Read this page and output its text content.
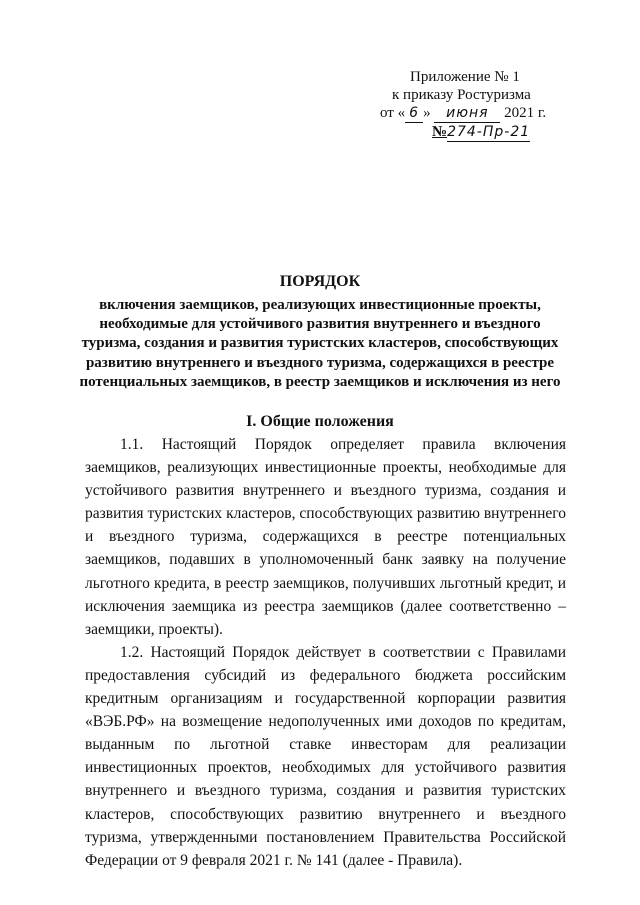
Приложение № 1
к приказу Ростуризма
от « 6 » июня 2021 г.
№274-Пр-21
ПОРЯДОК
включения заемщиков, реализующих инвестиционные проекты, необходимые для устойчивого развития внутреннего и въездного туризма, создания и развития туристских кластеров, способствующих развитию внутреннего и въездного туризма, содержащихся в реестре потенциальных заемщиков, в реестр заемщиков и исключения из него
I. Общие положения

1.1. Настоящий Порядок определяет правила включения заемщиков, реализующих инвестиционные проекты, необходимые для устойчивого развития внутреннего и въездного туризма, создания и развития туристских кластеров, способствующих развитию внутреннего и въездного туризма, содержащихся в реестре потенциальных заемщиков, подавших в уполномоченный банк заявку на получение льготного кредита, в реестр заемщиков, получивших льготный кредит, и исключения заемщика из реестра заемщиков (далее соответственно – заемщики, проекты).

1.2. Настоящий Порядок действует в соответствии с Правилами предоставления субсидий из федерального бюджета российским кредитным организациям и государственной корпорации развития «ВЭБ.РФ» на возмещение недополученных ими доходов по кредитам, выданным по льготной ставке инвесторам для реализации инвестиционных проектов, необходимых для устойчивого развития внутреннего и въездного туризма, создания и развития туристских кластеров, способствующих развитию внутреннего и въездного туризма, утвержденными постановлением Правительства Российской Федерации от 9 февраля 2021 г. № 141 (далее - Правила).
